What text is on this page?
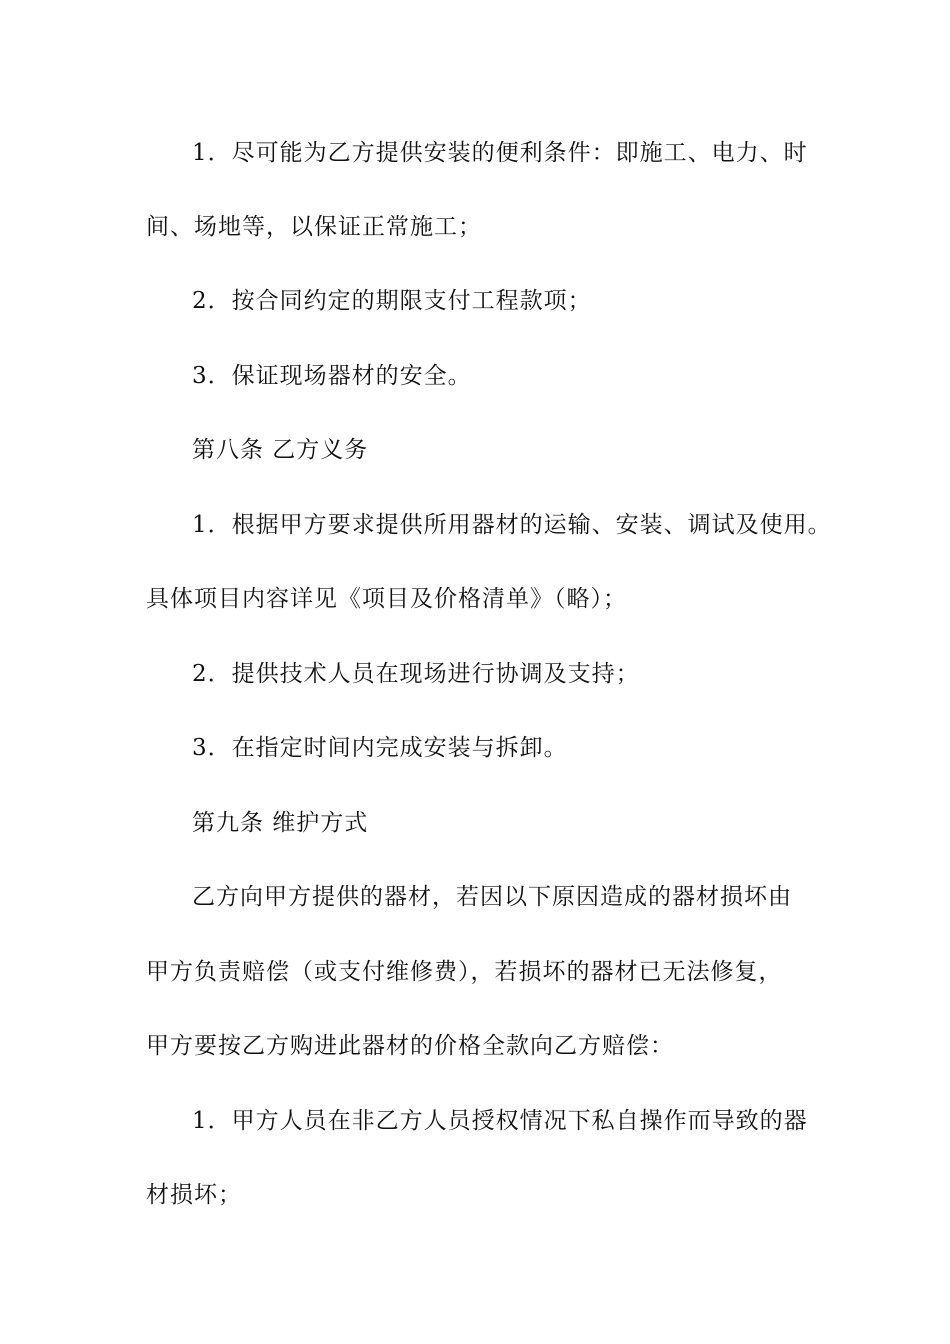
1．尽可能为乙方提供安装的便利条件：即施工、电力、时
间、场地等，以保证正常施工；
2．按合同约定的期限支付工程款项；
3．保证现场器材的安全。
第八条 乙方义务
1．根据甲方要求提供所用器材的运输、安装、调试及使用。
具体项目内容详见《项目及价格清单》（略）；
2．提供技术人员在现场进行协调及支持；
3．在指定时间内完成安装与拆卸。
第九条 维护方式
乙方向甲方提供的器材，若因以下原因造成的器材损坏由
甲方负责赔偿（或支付维修费），若损坏的器材已无法修复，
甲方要按乙方购进此器材的价格全款向乙方赔偿：
1．甲方人员在非乙方人员授权情况下私自操作而导致的器
材损坏；
